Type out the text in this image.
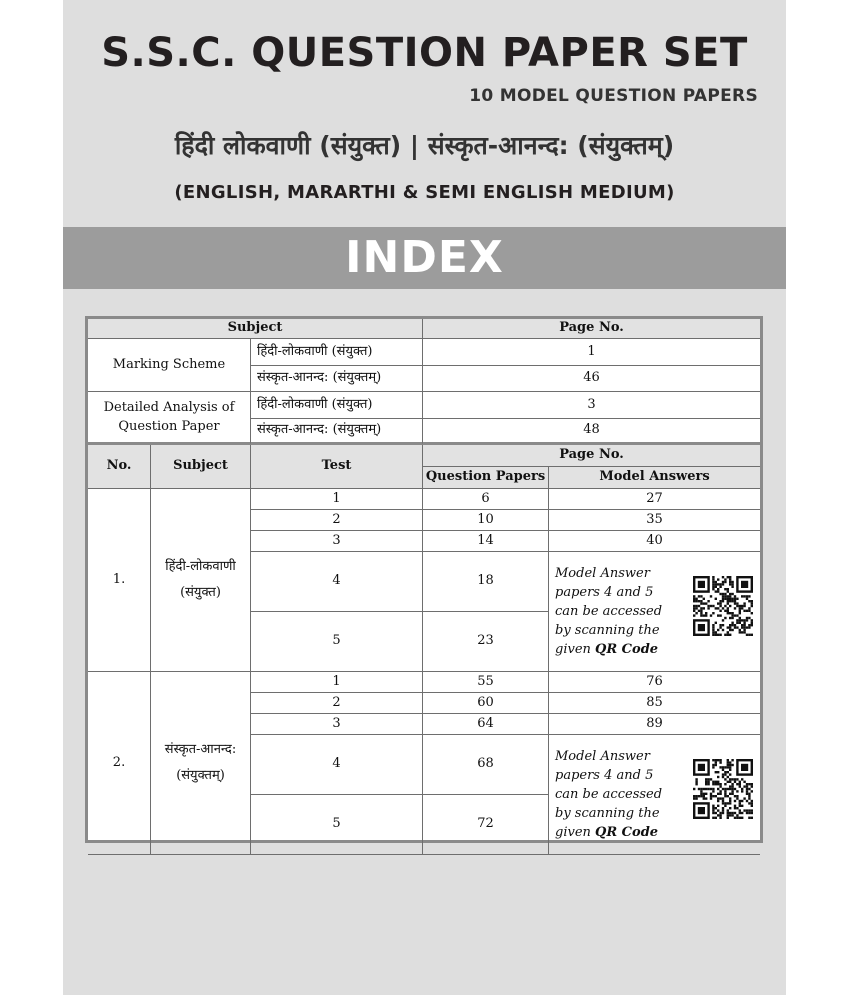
S.S.C. QUESTION PAPER SET
10 MODEL QUESTION PAPERS
हिंदी लोकवाणी (संयुक्त) | संस्कृत-आनन्द: (संयुक्तम्)
(ENGLISH, MARARTHI & SEMI ENGLISH MEDIUM)
INDEX
Subject	Page No.
Marking Scheme
हिंदी-लोकवाणी (संयुक्त)	1
संस्कृत-आनन्द: (संयुक्तम्)	46
Detailed Analysis of Question Paper
हिंदी-लोकवाणी (संयुक्त)	3
संस्कृत-आनन्द: (संयुक्तम्)	48
No.	Subject	Test
Page No.
Question Papers	Model Answers
1.
हिंदी-लोकवाणी
(संयुक्त)
1	6	27
2	10	35
3	14	40
4	18
5	23
Model Answer
papers 4 and 5
can be accessed
by scanning the
given QR Code
2.
संस्कृत-आनन्द:
(संयुक्तम्)
1	55	76
2	60	85
3	64	89
4	68
5	72
Model Answer
papers 4 and 5
can be accessed
by scanning the
given QR Code
